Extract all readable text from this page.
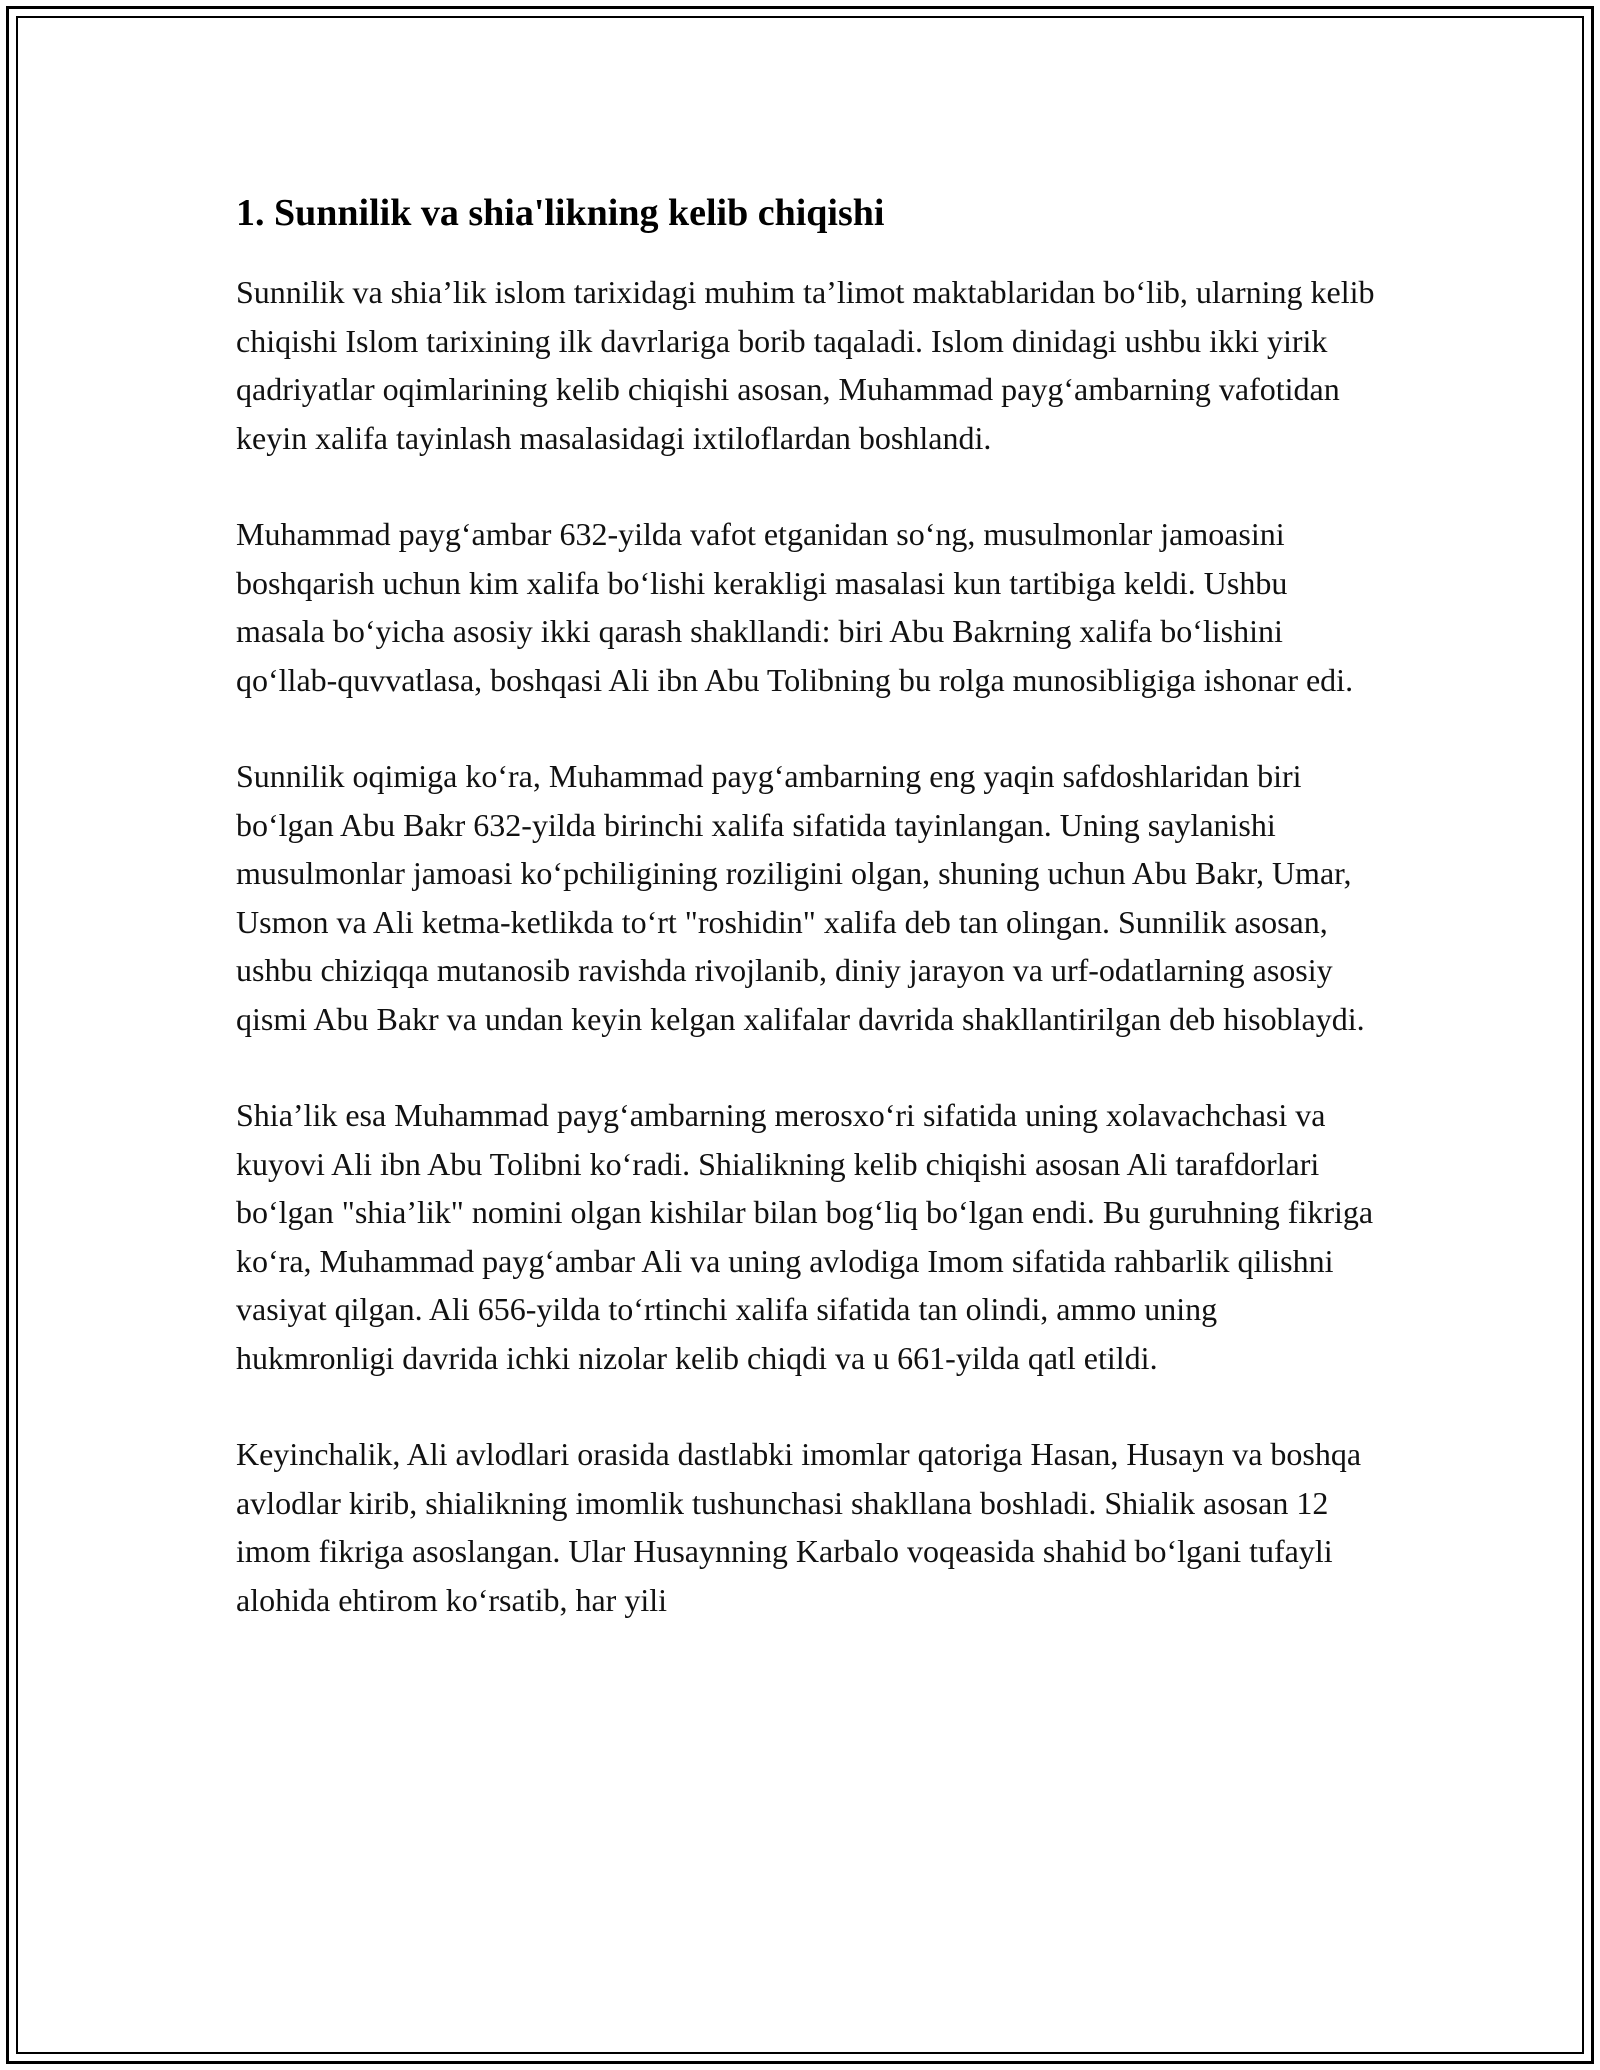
1. Sunnilik va shia'likning kelib chiqishi

Sunnilik va shia’lik islom tarixidagi muhim ta’limot maktablaridan bo‘lib, ularning kelib chiqishi Islom tarixining ilk davrlariga borib taqaladi. Islom dinidagi ushbu ikki yirik qadriyatlar oqimlarining kelib chiqishi asosan, Muhammad payg‘ambarning vafotidan keyin xalifa tayinlash masalasidagi ixtiloflardan boshlandi.

Muhammad payg‘ambar 632-yilda vafot etganidan so‘ng, musulmonlar jamoasini boshqarish uchun kim xalifa bo‘lishi kerakligi masalasi kun tartibiga keldi. Ushbu masala bo‘yicha asosiy ikki qarash shakllandi: biri Abu Bakrning xalifa bo‘lishini qo‘llab-quvvatlasa, boshqasi Ali ibn Abu Tolibning bu rolga munosibligiga ishonar edi.

Sunnilik oqimiga ko‘ra, Muhammad payg‘ambarning eng yaqin safdoshlaridan biri bo‘lgan Abu Bakr 632-yilda birinchi xalifa sifatida tayinlangan. Uning saylanishi musulmonlar jamoasi ko‘pchiligining roziligini olgan, shuning uchun Abu Bakr, Umar, Usmon va Ali ketma-ketlikda to‘rt "roshidin" xalifa deb tan olingan. Sunnilik asosan, ushbu chiziqqa mutanosib ravishda rivojlanib, diniy jarayon va urf-odatlarning asosiy qismi Abu Bakr va undan keyin kelgan xalifalar davrida shakllantirilgan deb hisoblaydi.

Shia’lik esa Muhammad payg‘ambarning merosxo‘ri sifatida uning xolavachchasi va kuyovi Ali ibn Abu Tolibni ko‘radi. Shialikning kelib chiqishi asosan Ali tarafdorlari bo‘lgan "shia’lik" nomini olgan kishilar bilan bog‘liq bo‘lgan endi. Bu guruhning fikriga ko‘ra, Muhammad payg‘ambar Ali va uning avlodiga Imom sifatida rahbarlik qilishni vasiyat qilgan. Ali 656-yilda to‘rtinchi xalifa sifatida tan olindi, ammo uning hukmronligi davrida ichki nizolar kelib chiqdi va u 661-yilda qatl etildi.

Keyinchalik, Ali avlodlari orasida dastlabki imomlar qatoriga Hasan, Husayn va boshqa avlodlar kirib, shialikning imomlik tushunchasi shakllana boshladi. Shialik asosan 12 imom fikriga asoslangan. Ular Husaynning Karbalo voqeasida shahid bo‘lgani tufayli alohida ehtirom ko‘rsatib, har yili
